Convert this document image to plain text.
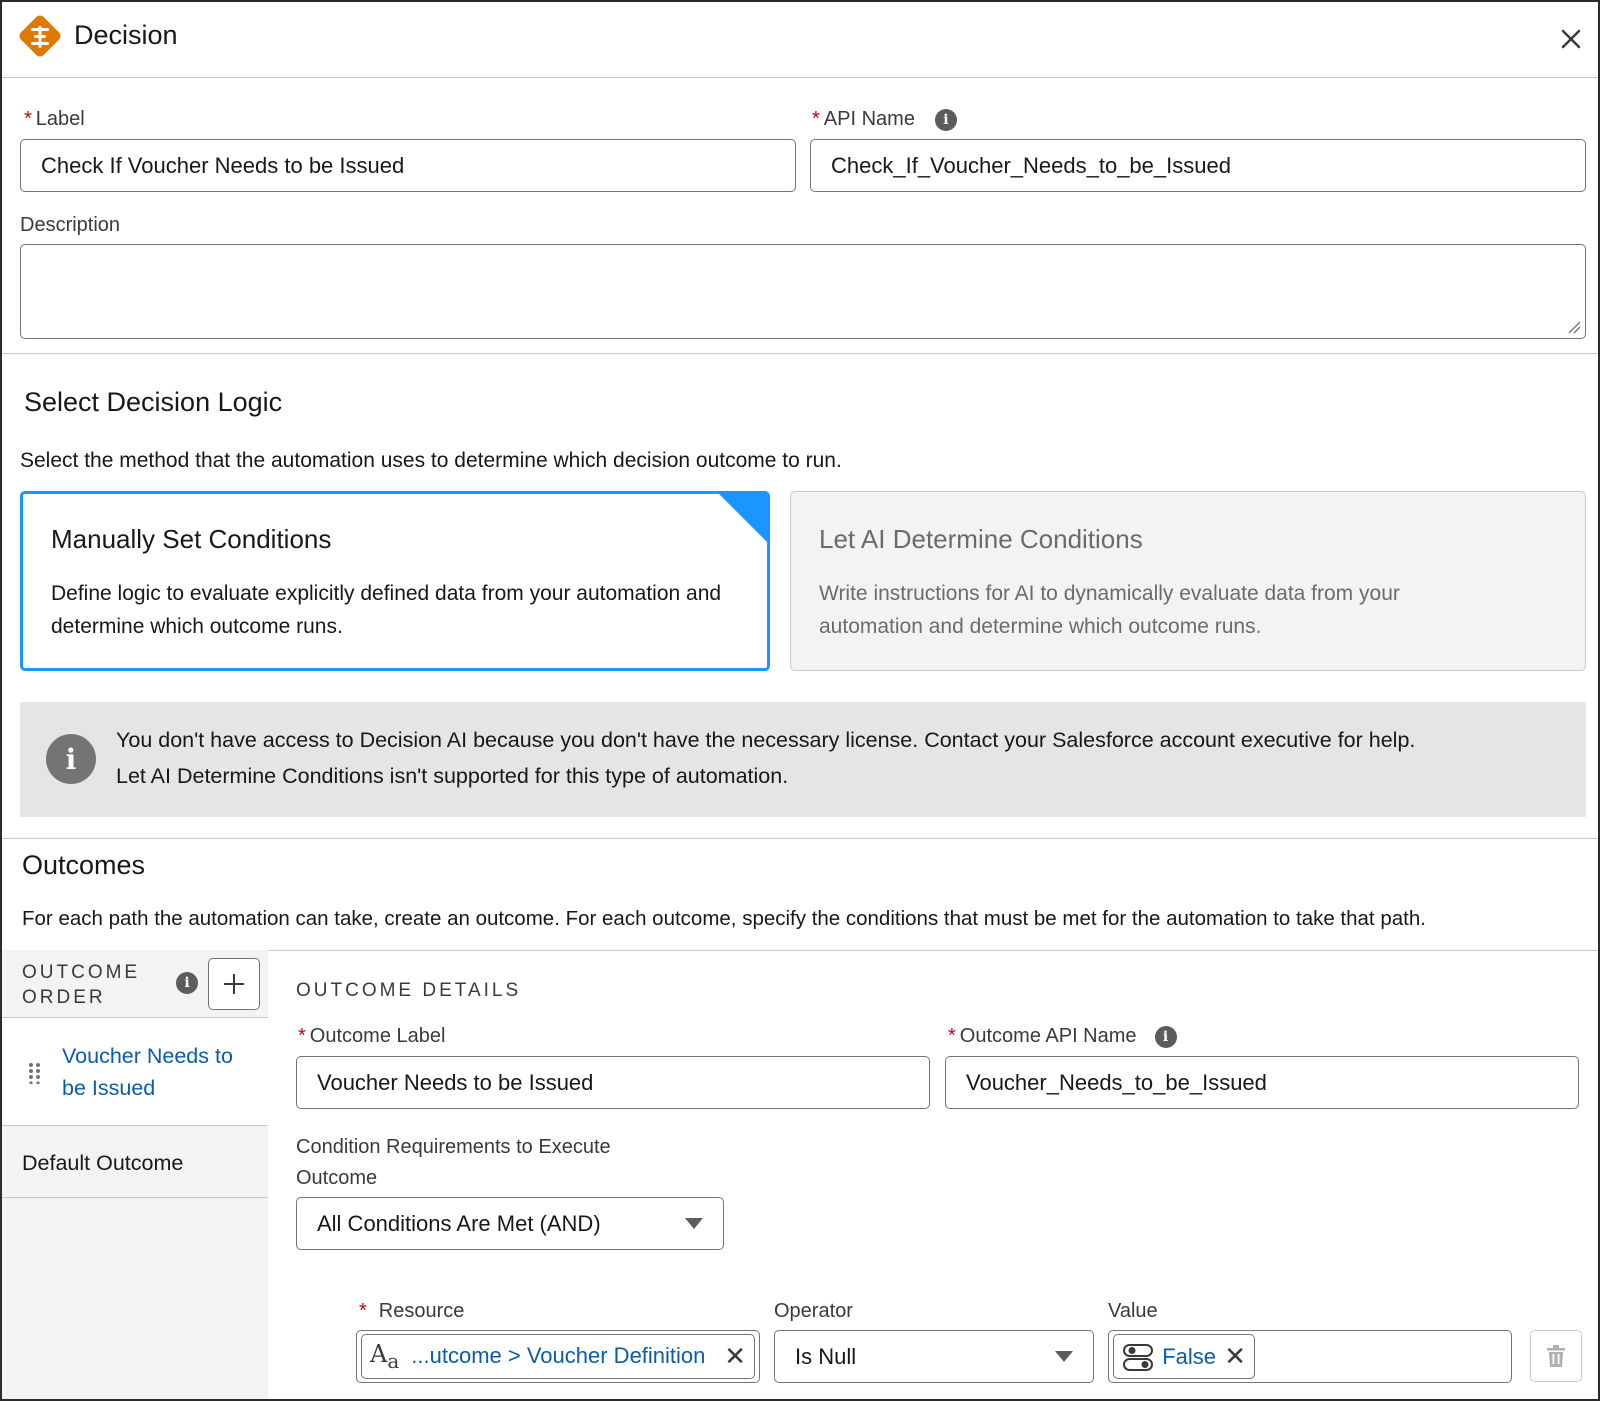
Decision
* Label
Check If Voucher Needs to be Issued
* API Name	i
Check_If_Voucher_Needs_to_be_Issued
Description
Select Decision Logic
Select the method that the automation uses to determine which decision outcome to run.
Manually Set Conditions
Define logic to evaluate explicitly defined data from your automation and determine which outcome runs.
Let AI Determine Conditions
Write instructions for AI to dynamically evaluate data from your automation and determine which outcome runs.
i
You don't have access to Decision AI because you don't have the necessary license. Contact your Salesforce account executive for help.
Let AI Determine Conditions isn't supported for this type of automation.
Outcomes
For each path the automation can take, create an outcome. For each outcome, specify the conditions that must be met for the automation to take that path.
OUTCOME ORDER
i
Voucher Needs to be Issued
Default Outcome
OUTCOME DETAILS
* Outcome Label
Voucher Needs to be Issued
* Outcome API Name	i
Voucher_Needs_to_be_Issued
Condition Requirements to Execute Outcome
All Conditions Are Met (AND)
* Resource
$A_a$ ...utcome > Voucher Definition ✕
Operator
Is Null
Value
False ✕
